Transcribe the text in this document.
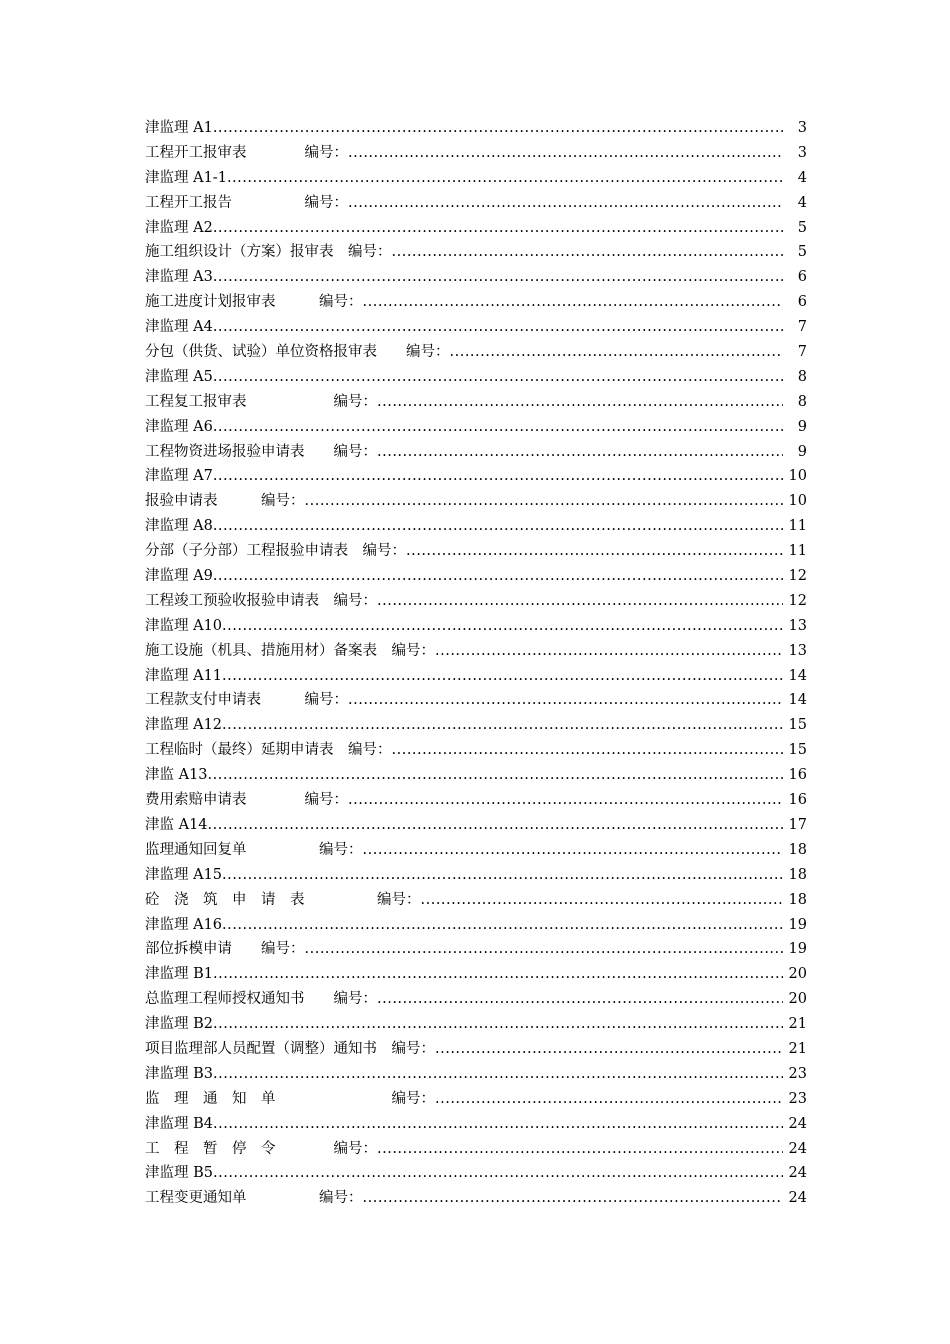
津监理 A1 .....	3
工程开工报审表　　　　编号： .....	3
津监理 A1-1 .....	4
工程开工报告　　　　　编号： .....	4
津监理 A2 .....	5
施工组织设计（方案）报审表　编号： .....	5
津监理 A3 .....	6
施工进度计划报审表　　　编号： .....	6
津监理 A4 .....	7
分包（供货、试验）单位资格报审表　　编号： .....	7
津监理 A5 .....	8
工程复工报审表　　　　　　编号： .....	8
津监理 A6 .....	9
工程物资进场报验申请表　　编号： .....	9
津监理 A7 .....	10
报验申请表　　　编号： .....	10
津监理 A8 .....	11
分部（子分部）工程报验申请表　编号： .....	11
津监理 A9 .....	12
工程竣工预验收报验申请表　编号： .....	12
津监理 A10 .....	13
施工设施（机具、措施用材）备案表　编号： .....	13
津监理 A11 .....	14
工程款支付申请表　　　编号： .....	14
津监理 A12 .....	15
工程临时（最终）延期申请表　编号： .....	15
津监 A13 .....	16
费用索赔申请表　　　　编号： .....	16
津监 A14 .....	17
监理通知回复单　　　　　编号： .....	18
津监理 A15 .....	18
砼　浇　筑　申　请　表　　　　　编号： .....	18
津监理 A16 .....	19
部位拆模申请　　编号： .....	19
津监理 B1 .....	20
总监理工程师授权通知书　　编号： .....	20
津监理 B2 .....	21
项目监理部人员配置（调整）通知书　编号： .....	21
津监理 B3 .....	23
监　理　通　知　单　　　　　　　　编号： .....	23
津监理 B4 .....	24
工　程　暂　停　令　　　　编号： .....	24
津监理 B5 .....	24
工程变更通知单　　　　　编号： .....	24
